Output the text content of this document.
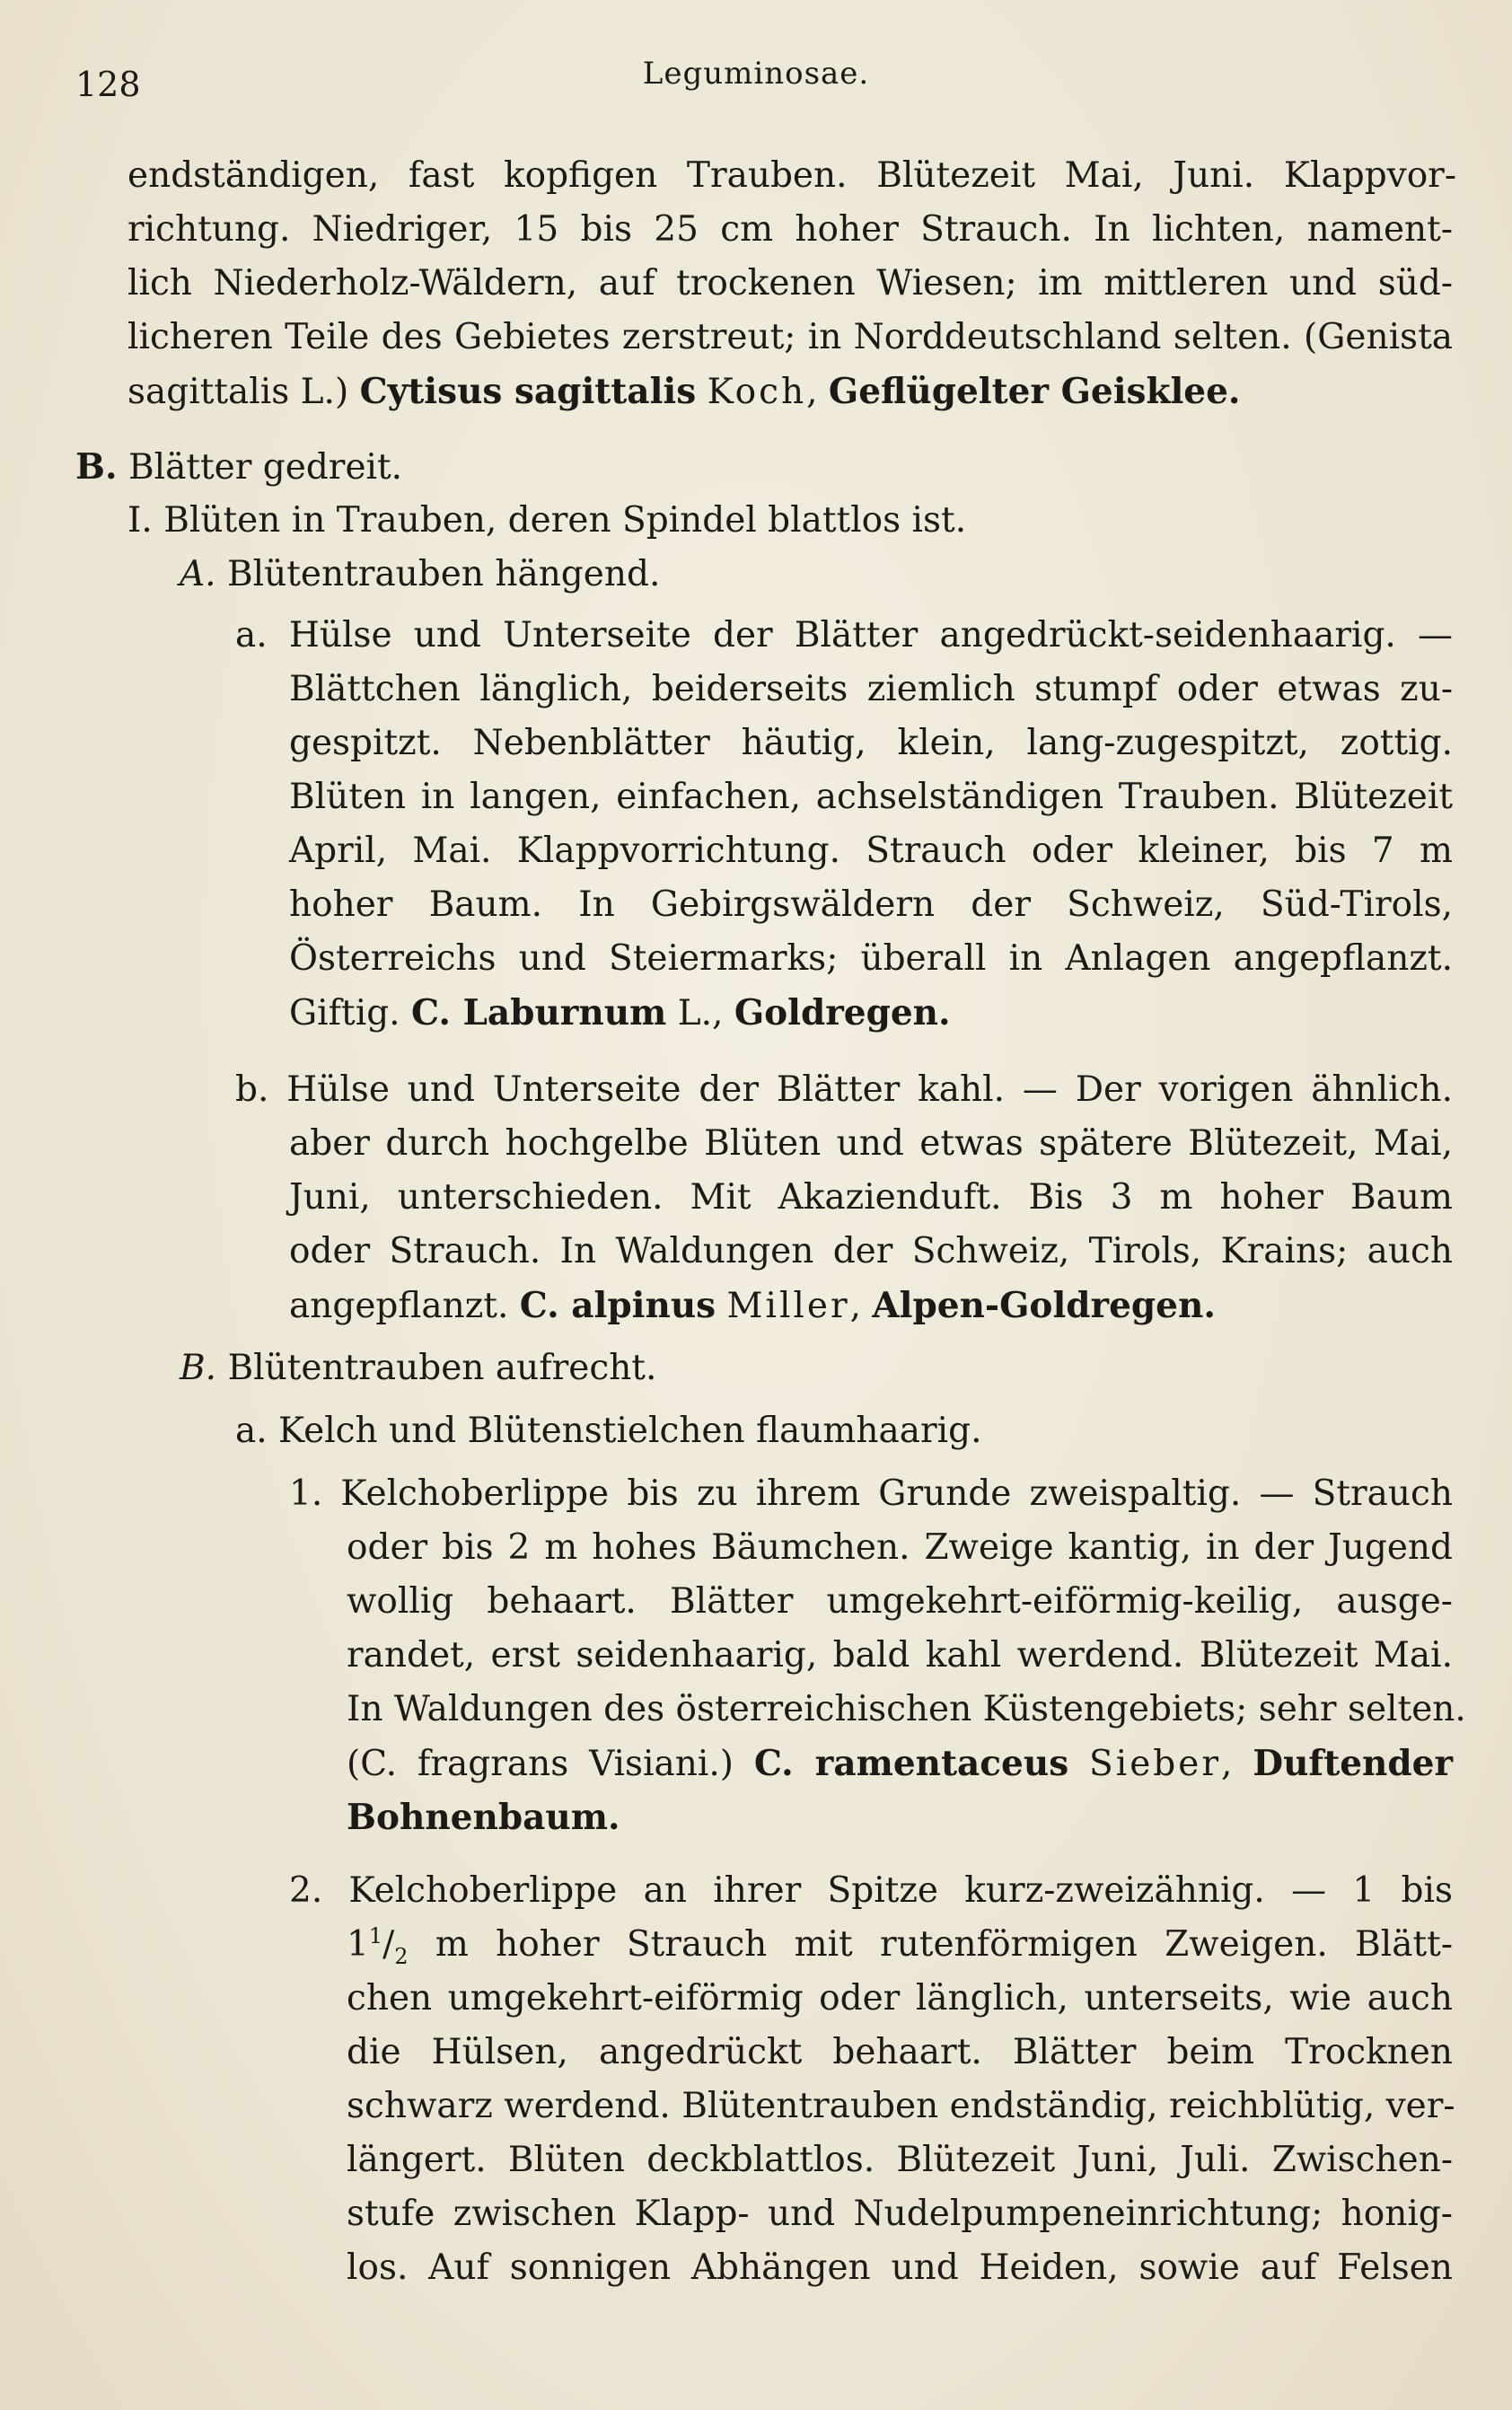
128	Leguminosae.
endständigen, fast kopfigen Trauben. Blütezeit Mai, Juni. Klappvor-
richtung. Niedriger, 15 bis 25 cm hoher Strauch. In lichten, nament-
lich Niederholz-Wäldern, auf trockenen Wiesen; im mittleren und süd-
licheren Teile des Gebietes zerstreut; in Norddeutschland selten. (Genista
sagittalis L.) Cytisus sagittalis Koch, Geflügelter Geisklee.
B. Blätter gedreit.
I. Blüten in Trauben, deren Spindel blattlos ist.
A. Blütentrauben hängend.
a. Hülse und Unterseite der Blätter angedrückt-seidenhaarig. —
Blättchen länglich, beiderseits ziemlich stumpf oder etwas zu-
gespitzt. Nebenblätter häutig, klein, lang-zugespitzt, zottig.
Blüten in langen, einfachen, achselständigen Trauben. Blütezeit
April, Mai. Klappvorrichtung. Strauch oder kleiner, bis 7 m
hoher Baum. In Gebirgswäldern der Schweiz, Süd-Tirols,
Österreichs und Steiermarks; überall in Anlagen angepflanzt.
Giftig. C. Laburnum L., Goldregen.
b. Hülse und Unterseite der Blätter kahl. — Der vorigen ähnlich.
aber durch hochgelbe Blüten und etwas spätere Blütezeit, Mai,
Juni, unterschieden. Mit Akazienduft. Bis 3 m hoher Baum
oder Strauch. In Waldungen der Schweiz, Tirols, Krains; auch
angepflanzt. C. alpinus Miller, Alpen-Goldregen.
B. Blütentrauben aufrecht.
a. Kelch und Blütenstielchen flaumhaarig.
1. Kelchoberlippe bis zu ihrem Grunde zweispaltig. — Strauch
oder bis 2 m hohes Bäumchen. Zweige kantig, in der Jugend
wollig behaart. Blätter umgekehrt-eiförmig-keilig, ausge-
randet, erst seidenhaarig, bald kahl werdend. Blütezeit Mai.
In Waldungen des österreichischen Küstengebiets; sehr selten.
(C. fragrans Visiani.) C. ramentaceus Sieber, Duftender
Bohnenbaum.
2. Kelchoberlippe an ihrer Spitze kurz-zweizähnig. — 1 bis
$1^1/_2$ m hoher Strauch mit rutenförmigen Zweigen. Blätt-
chen umgekehrt-eiförmig oder länglich, unterseits, wie auch
die Hülsen, angedrückt behaart. Blätter beim Trocknen
schwarz werdend. Blütentrauben endständig, reichblütig, ver-
längert. Blüten deckblattlos. Blütezeit Juni, Juli. Zwischen-
stufe zwischen Klapp- und Nudelpumpeneinrichtung; honig-
los. Auf sonnigen Abhängen und Heiden, sowie auf Felsen
